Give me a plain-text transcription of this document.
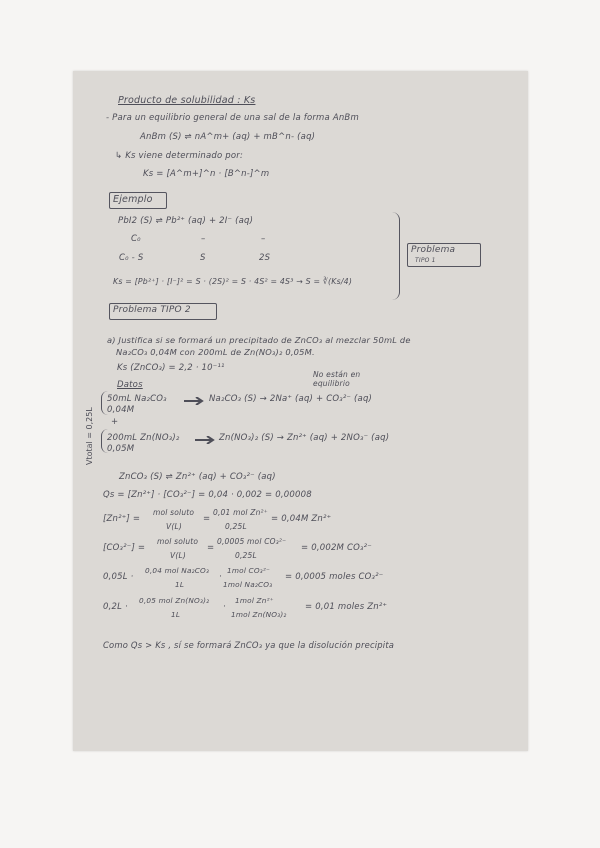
Producto de solubilidad : Ks
- Para un equilibrio general de una sal de la forma AnBm
AnBm (S) ⇌ nA^m+ (aq) + mB^n- (aq)
↳ Ks viene determinado por:
Ks = [A^m+]^n · [B^n-]^m
Ejemplo
PbI2 (S) ⇌ Pb²⁺ (aq) + 2I⁻ (aq)
C₀	–	–
C₀ - S	S	2S
Ks = [Pb²⁺] · [I⁻]² = S · (2S)² = S · 4S² = 4S³ → S = ∛(Ks/4)
Problema
TIPO 1
Problema TIPO 2
a) Justifica si se formará un precipitado de ZnCO₃ al mezclar 50mL de
Na₂CO₃ 0,04M con 200mL de Zn(NO₃)₂ 0,05M.
Ks (ZnCO₃) = 2,2 · 10⁻¹¹
Datos
No están en
equilibrio
Vtotal = 0,25L
50mL Na₂CO₃
0,04M
Na₂CO₃ (S) → 2Na⁺ (aq) + CO₃²⁻ (aq)
+
200mL Zn(NO₃)₂
0,05M
Zn(NO₃)₂ (S) → Zn²⁺ (aq) + 2NO₃⁻ (aq)
ZnCO₃ (S) ⇌ Zn²⁺ (aq) + CO₃²⁻ (aq)
Qs = [Zn²⁺] · [CO₃²⁻] = 0,04 · 0,002 = 0,00008
[Zn²⁺] =
mol soluto
V(L)
=
0,01 mol Zn²⁺
0,25L
= 0,04M Zn²⁺
[CO₃²⁻] =
mol soluto
V(L)
=
0,0005 mol CO₃²⁻
0,25L
= 0,002M CO₃²⁻
0,05L ·
0,04 mol Na₂CO₃
1L
·
1mol CO₃²⁻
1mol Na₂CO₃
= 0,0005 moles CO₃²⁻
0,2L ·
0,05 mol Zn(NO₃)₂
1L
·
1mol Zn²⁺
1mol Zn(NO₃)₂
= 0,01 moles Zn²⁺
Como Qs > Ks , sí se formará ZnCO₃ ya que la disolución precipita
